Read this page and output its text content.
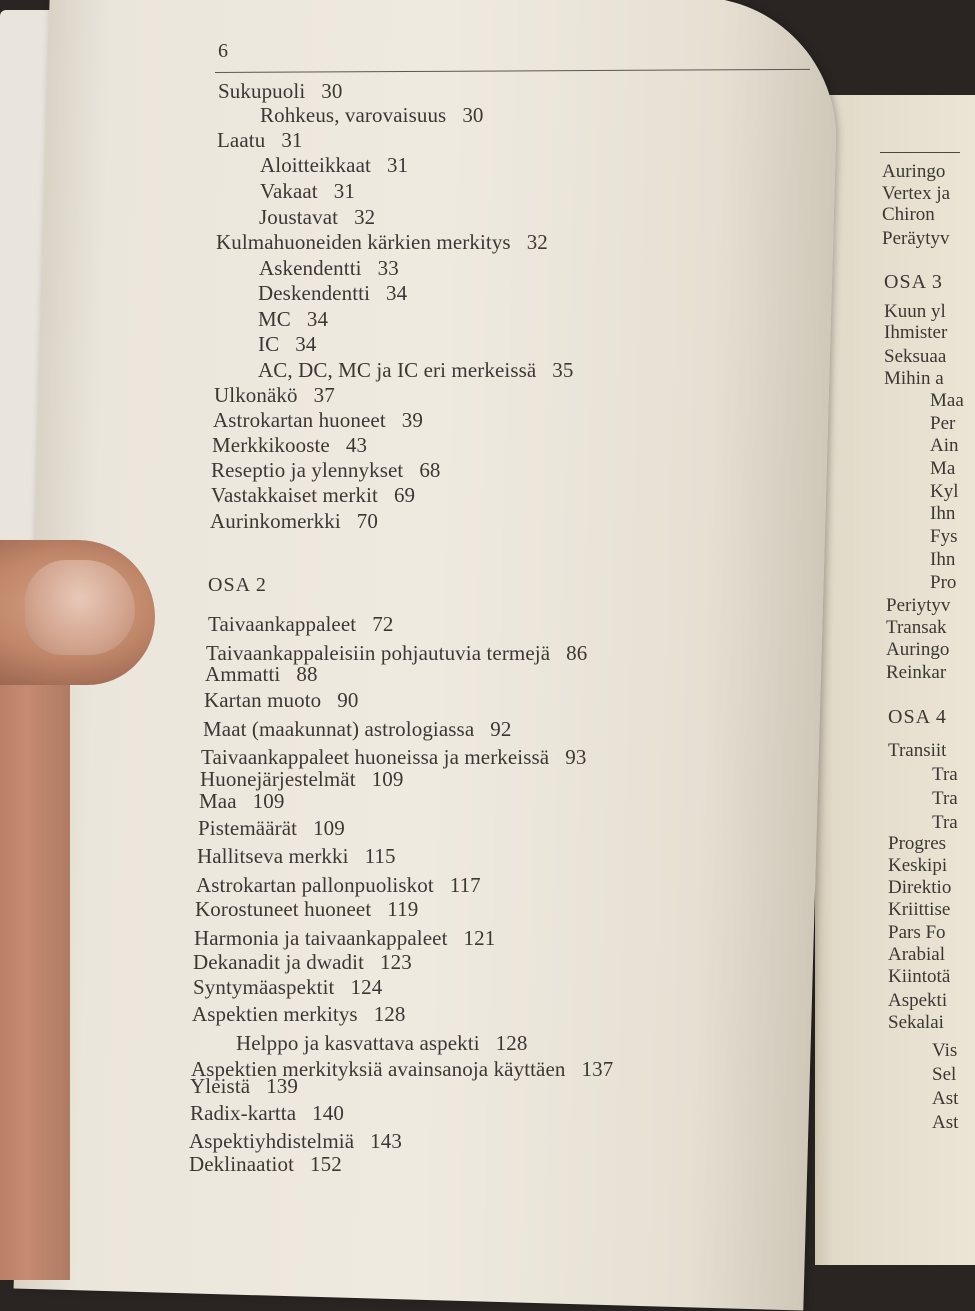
6
Sukupuoli 30
Rohkeus, varovaisuus 30
Laatu 31
Aloitteikkaat 31
Vakaat 31
Joustavat 32
Kulmahuoneiden kärkien merkitys 32
Askendentti 33
Deskendentti 34
MC 34
IC 34
AC, DC, MC ja IC eri merkeissä 35
Ulkonäkö 37
Astrokartan huoneet 39
Merkkikooste 43
Reseptio ja ylennykset 68
Vastakkaiset merkit 69
Aurinkomerkki 70
OSA 2
Taivaankappaleet 72
Taivaankappaleisiin pohjautuvia termejä 86
Ammatti 88
Kartan muoto 90
Maat (maakunnat) astrologiassa 92
Taivaankappaleet huoneissa ja merkeissä 93
Huonejärjestelmät 109
Maa 109
Pistemäärät 109
Hallitseva merkki 115
Astrokartan pallonpuoliskot 117
Korostuneet huoneet 119
Harmonia ja taivaankappaleet 121
Dekanadit ja dwadit 123
Syntymäaspektit 124
Aspektien merkitys 128
Helppo ja kasvattava aspekti 128
Aspektien merkityksiä avainsanoja käyttäen 137
Yleistä 139
Radix-kartta 140
Aspektiyhdistelmiä 143
Deklinaatiot 152
Auringo
Vertex ja
Chiron
Peräytyv
OSA 3
Kuun yl
Ihmister
Seksuaa
Mihin a
Maa
Per
Ain
Ma
Kyl
Ihn
Fys
Ihn
Pro
Periytyv
Transak
Auringo
Reinkar
OSA 4
Transiit
Tra
Tra
Tra
Progres
Keskipi
Direktio
Kriittise
Pars Fo
Arabial
Kiintotä
Aspekti
Sekalai
Vis
Sel
Ast
Ast
